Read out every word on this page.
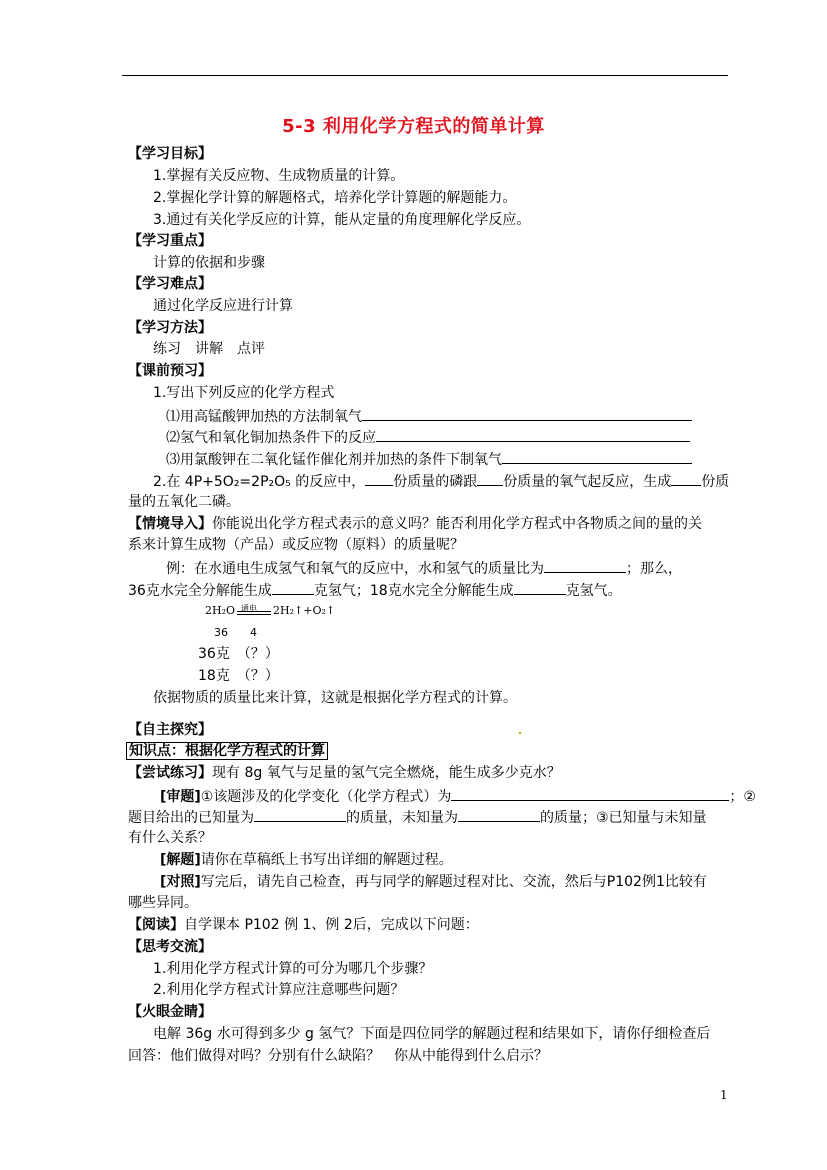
5-3 利用化学方程式的简单计算
【学习目标】
1.掌握有关反应物、生成物质量的计算。
2.掌握化学计算的解题格式，培养化学计算题的解题能力。
3.通过有关化学反应的计算，能从定量的角度理解化学反应。
【学习重点】
计算的依据和步骤
【学习难点】
通过化学反应进行计算
【学习方法】
练习　讲解　点评
【课前预习】
1.写出下列反应的化学方程式
⑴用高锰酸钾加热的方法制氧气
⑵氢气和氧化铜加热条件下的反应
⑶用氯酸钾在二氧化锰作催化剂并加热的条件下制氧气
2.在 4P+5O₂=2P₂O₅ 的反应中， 份质量的磷跟 份质量的氧气起反应，生成 份质
量的五氧化二磷。
【情境导入】你能说出化学方程式表示的意义吗？能否利用化学方程式中各物质之间的量的关
系来计算生成物（产品）或反应物（原料）的质量呢？
例：在水通电生成氢气和氧气的反应中，水和氢气的质量比为	；那么，
36克水完全分解能生成	克氢气；18克水完全分解能生成	克氢气。
2H₂O 通电 2H₂↑+O₂↑
36　　4
36克　（？）
18克　（？）
依据物质的质量比来计算，这就是根据化学方程式的计算。
【自主探究】
知识点：根据化学方程式的计算
【尝试练习】现有 8g 氧气与足量的氢气完全燃烧，能生成多少克水？
[审题]①该题涉及的化学变化（化学方程式）为	；②
题目给出的已知量为	的质量，未知量为	的质量；③已知量与未知量
有什么关系？
[解题]请你在草稿纸上书写出详细的解题过程。
[对照]写完后，请先自己检查，再与同学的解题过程对比、交流，然后与P102例1比较有
哪些异同。
【阅读】自学课本 P102 例 1、例 2后，完成以下问题：
【思考交流】
1.利用化学方程式计算的可分为哪几个步骤？
2.利用化学方程式计算应注意哪些问题？
【火眼金睛】
电解 36g 水可得到多少 g 氢气？下面是四位同学的解题过程和结果如下，请你仔细检查后
回答：他们做得对吗？分别有什么缺陷？　你从中能得到什么启示？
1
